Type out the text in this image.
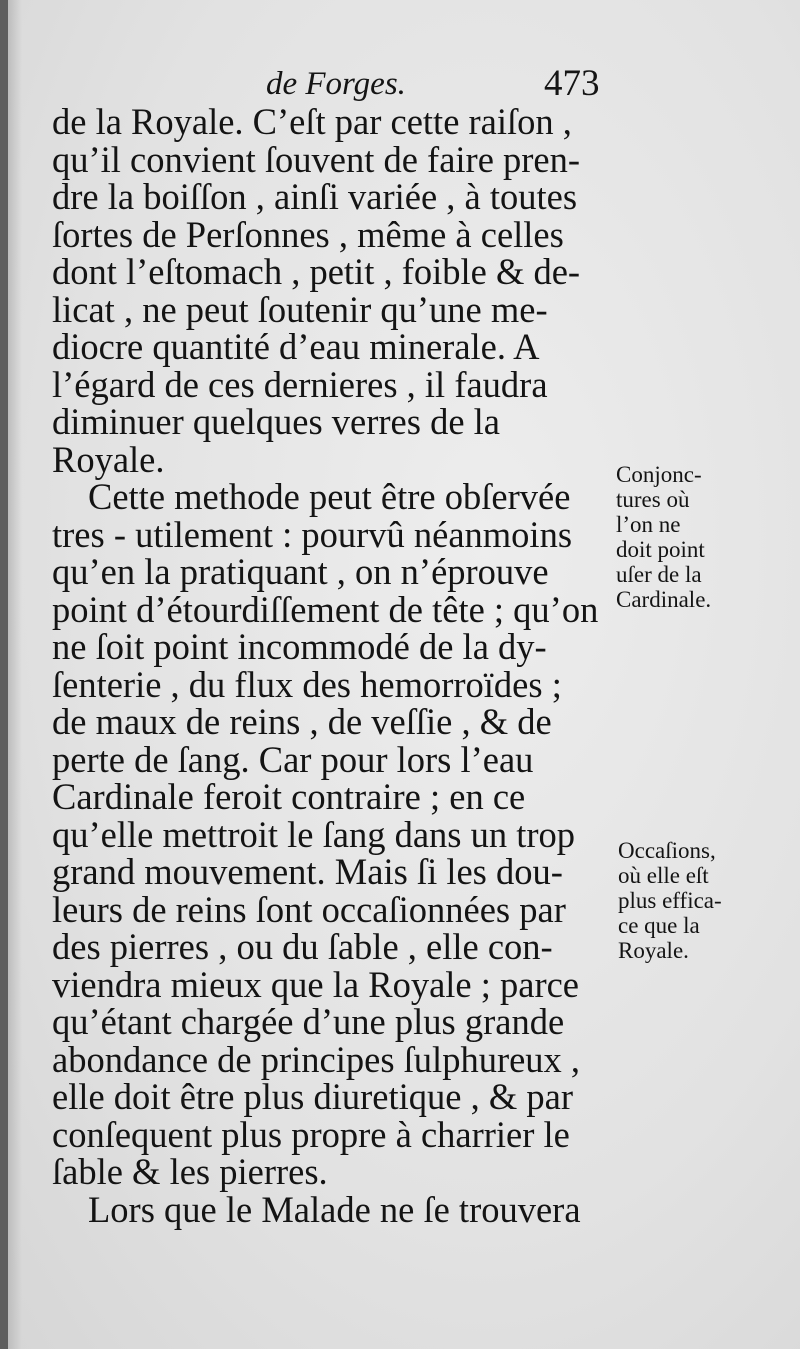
de Forges.	473
de la Royale. C’eſt par cette raiſon ,
qu’il convient ſouvent de faire pren-
dre la boiſſon , ainſi variée , à toutes
ſortes de Perſonnes , même à celles
dont l’eſtomach , petit , foible & de-
licat , ne peut ſoutenir qu’une me-
diocre quantité d’eau minerale. A
l’égard de ces dernieres , il faudra
diminuer quelques verres de la
Royale.
Cette methode peut être obſervée
tres - utilement : pourvû néanmoins
qu’en la pratiquant , on n’éprouve
point d’étourdiſſement de tête ; qu’on
ne ſoit point incommodé de la dy-
ſenterie , du flux des hemorroïdes ;
de maux de reins , de veſſie , & de
perte de ſang. Car pour lors l’eau
Cardinale feroit contraire ; en ce
qu’elle mettroit le ſang dans un trop
grand mouvement. Mais ſi les dou-
leurs de reins ſont occaſionnées par
des pierres , ou du ſable , elle con-
viendra mieux que la Royale ; parce
qu’étant chargée d’une plus grande
abondance de principes ſulphureux ,
elle doit être plus diuretique , & par
conſequent plus propre à charrier le
ſable & les pierres.
Lors que le Malade ne ſe trouvera
Conjonc-
tures où
l’on ne
doit point
uſer de la
Cardinale.
Occaſions,
où elle eſt
plus effica-
ce que la
Royale.
